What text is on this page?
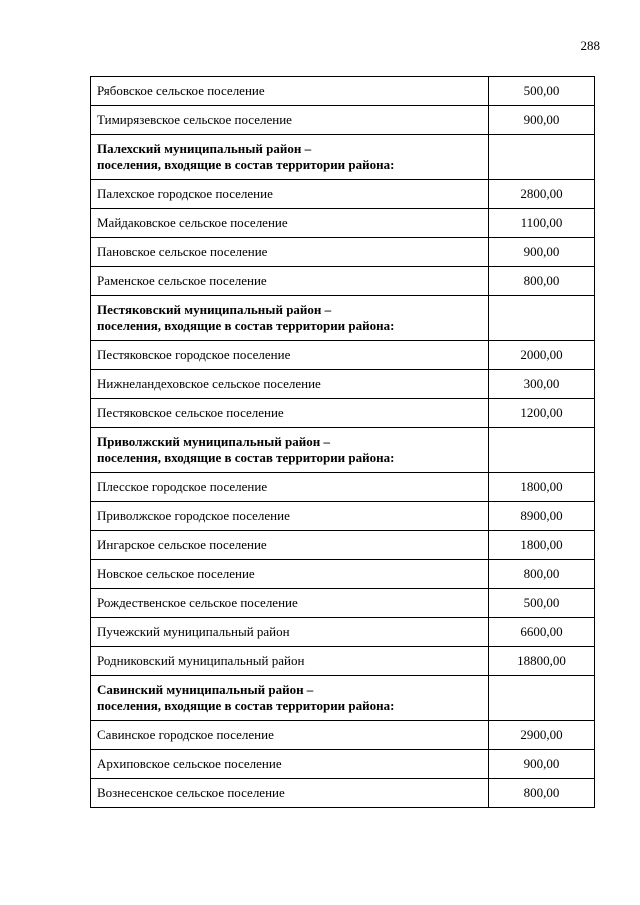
288
Рябовское сельское поселение	500,00
Тимирязевское сельское поселение	900,00
Палехский муниципальный район –
поселения, входящие в состав территории района:	
Палехское городское поселение	2800,00
Майдаковское сельское поселение	1100,00
Пановское сельское поселение	900,00
Раменское сельское поселение	800,00
Пестяковский муниципальный район –
поселения, входящие в состав территории района:	
Пестяковское городское поселение	2000,00
Нижнеландеховское сельское поселение	300,00
Пестяковское сельское поселение	1200,00
Приволжский муниципальный район –
поселения, входящие в состав территории района:	
Плесское городское поселение	1800,00
Приволжское городское поселение	8900,00
Ингарское сельское поселение	1800,00
Новское сельское поселение	800,00
Рождественское сельское поселение	500,00
Пучежский муниципальный район	6600,00
Родниковский муниципальный район	18800,00
Савинский муниципальный район –
поселения, входящие в состав территории района:	
Савинское городское поселение	2900,00
Архиповское сельское поселение	900,00
Вознесенское сельское поселение	800,00
